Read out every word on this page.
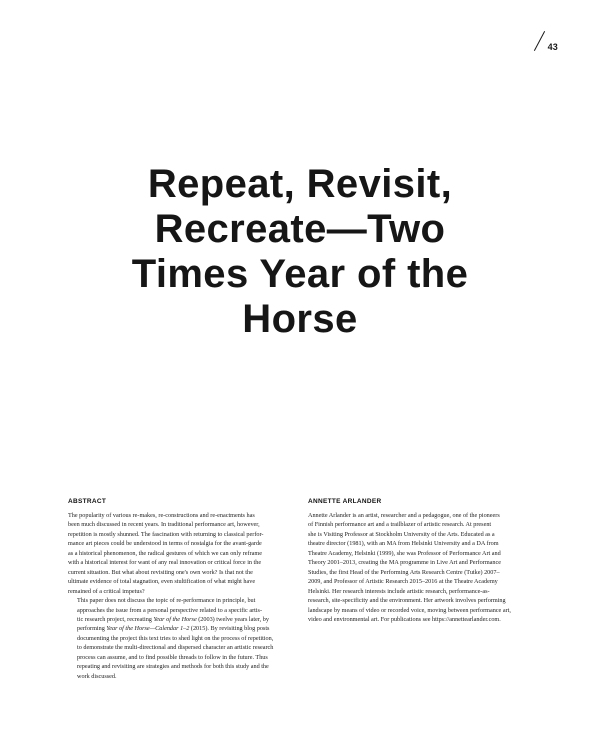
43
Repeat, Revisit,
Recreate—Two
Times Year of the
Horse
ABSTRACT

The popularity of various re-makes, re-constructions and re-enactments has
been much discussed in recent years. In traditional performance art, however,
repetition is mostly shunned. The fascination with returning to classical perfor-
mance art pieces could be understood in terms of nostalgia for the avant-garde
as a historical phenomenon, the radical gestures of which we can only reframe
with a historical interest for want of any real innovation or critical force in the
current situation. But what about revisiting one's own work? Is that not the
ultimate evidence of total stagnation, even stultification of what might have
remained of a critical impetus?

This paper does not discuss the topic of re-performance in principle, but
approaches the issue from a personal perspective related to a specific artis-
tic research project, recreating Year of the Horse (2003) twelve years later, by
performing Year of the Horse—Calendar 1–2 (2015). By revisiting blog posts
documenting the project this text tries to shed light on the process of repetition,
to demonstrate the multi-directional and dispersed character an artistic research
process can assume, and to find possible threads to follow in the future. Thus
repeating and revisiting are strategies and methods for both this study and the
work discussed.

ANNETTE ARLANDER

Annette Arlander is an artist, researcher and a pedagogue, one of the pioneers
of Finnish performance art and a trailblazer of artistic research. At present
she is Visiting Professor at Stockholm University of the Arts. Educated as a
theatre director (1981), with an MA from Helsinki University and a DA from
Theatre Academy, Helsinki (1999), she was Professor of Performance Art and
Theory 2001–2013, creating the MA programme in Live Art and Performance
Studies, the first Head of the Performing Arts Research Centre (Tutke) 2007–
2009, and Professor of Artistic Research 2015–2016 at the Theatre Academy
Helsinki. Her research interests include artistic research, performance-as-
research, site-specificity and the environment. Her artwork involves performing
landscape by means of video or recorded voice, moving between performance art,
video and environmental art. For publications see https://annettearlander.com.
